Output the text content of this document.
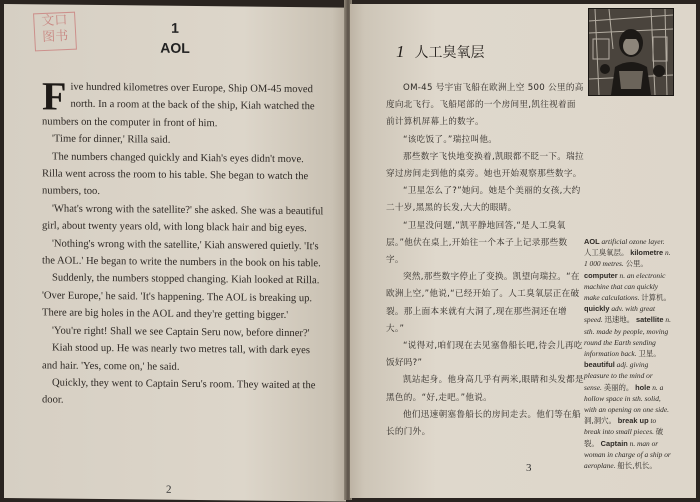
文口 图书
1
AOL

Five hundred kilometres over Europe, Ship OM-45 moved north. In a room at the back of the ship, Kiah watched the numbers on the computer in front of him.

'Time for dinner,' Rilla said.

The numbers changed quickly and Kiah's eyes didn't move. Rilla went across the room to his table. She began to watch the numbers, too.

'What's wrong with the satellite?' she asked. She was a beautiful girl, about twenty years old, with long black hair and big eyes.

'Nothing's wrong with the satellite,' Kiah answered quietly. 'It's the AOL.' He began to write the numbers in the book on his table.

Suddenly, the numbers stopped changing. Kiah looked at Rilla. 'Over Europe,' he said. 'It's happening. The AOL is breaking up. There are big holes in the AOL and they're getting bigger.'

'You're right! Shall we see Captain Seru now, before dinner?'

Kiah stood up. He was nearly two metres tall, with dark eyes and hair. 'Yes, come on,' he said.

Quickly, they went to Captain Seru's room. They waited at the door.

2
1 人工臭氧层

OM-45 号宇宙飞船在欧洲上空 500 公里的高度向北飞行。飞船尾部的一个房间里,凯往视着面前计算机屏幕上的数字。

“该吃饭了。”瑞拉叫他。

那些数字飞快地变换着,凯眼都不眨一下。瑞拉穿过房间走到他的桌旁。她也开始观察那些数字。

“卫星怎么了?”她问。她是个美丽的女孩,大约二十岁,黑黑的长发,大大的眼睛。

“卫星没问题,”凯平静地回答,“是人工臭氧层。”他伏在桌上,开始往一个本子上记录那些数字。

突然,那些数字停止了变换。凯望向瑞拉。“在欧洲上空,”他说,“已经开始了。人工臭氧层正在破裂。那上面本来就有大洞了,现在那些洞还在增大。”

“说得对,咱们现在去见塞鲁船长吧,待会儿再吃饭好吗?”

凯站起身。他身高几乎有两米,眼睛和头发都是黑色的。“好,走吧。”他说。

他们迅速朝塞鲁船长的房间走去。他们等在船长的门外。

AOL artificial ozone layer. 人工臭氧层。 kilometre n. 1 000 metres. 公里。 computer n. an electronic machine that can quickly make calculations. 计算机。 quickly adv. with great speed. 迅速地。 satellite n. sth. made by people, moving round the Earth sending information back. 卫星。 beautiful adj. giving pleasure to the mind or sense. 美丽的。 hole n. a hollow space in sth. solid, with an opening on one side. 洞,洞穴。 break up to break into small pieces. 破裂。 Captain n. man or woman in charge of a ship or aeroplane. 船长,机长。
3
